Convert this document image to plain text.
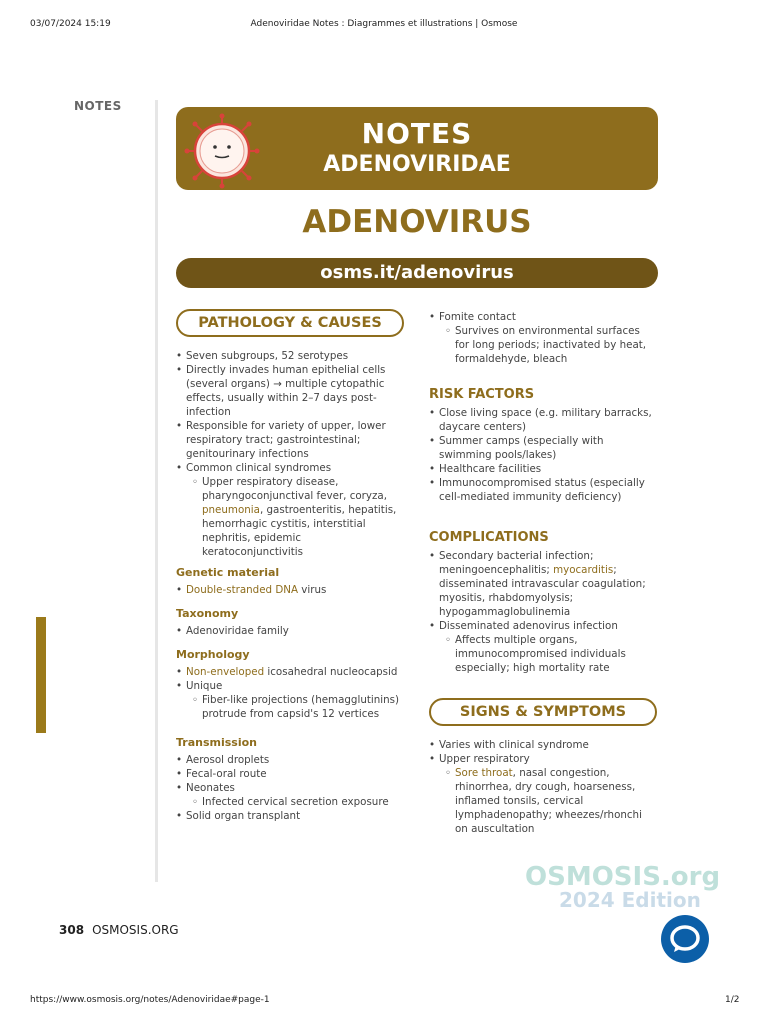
03/07/2024 15:19	Adenoviridae Notes : Diagrammes et illustrations | Osmose
NOTES
NOTES
ADENOVIRIDAE
ADENOVIRUS
osms.it/adenovirus
PATHOLOGY & CAUSES
• Seven subgroups, 52 serotypes
• Directly invades human epithelial cells (several organs) → multiple cytopathic effects, usually within 2–7 days post-infection
• Responsible for variety of upper, lower respiratory tract; gastrointestinal; genitourinary infections
• Common clinical syndromes
◦ Upper respiratory disease, pharyngoconjunctival fever, coryza, pneumonia, gastroenteritis, hepatitis, hemorrhagic cystitis, interstitial nephritis, epidemic keratoconjunctivitis
Genetic material
• Double-stranded DNA virus
Taxonomy
• Adenoviridae family
Morphology
• Non-enveloped icosahedral nucleocapsid
• Unique
◦ Fiber-like projections (hemagglutinins) protrude from capsid's 12 vertices
Transmission
• Aerosol droplets
• Fecal-oral route
• Neonates
◦ Infected cervical secretion exposure
• Solid organ transplant
• Fomite contact
◦ Survives on environmental surfaces for long periods; inactivated by heat, formaldehyde, bleach
RISK FACTORS
• Close living space (e.g. military barracks, daycare centers)
• Summer camps (especially with swimming pools/lakes)
• Healthcare facilities
• Immunocompromised status (especially cell-mediated immunity deficiency)
COMPLICATIONS
• Secondary bacterial infection; meningoencephalitis; myocarditis; disseminated intravascular coagulation; myositis, rhabdomyolysis; hypogammaglobulinemia
• Disseminated adenovirus infection
◦ Affects multiple organs, immunocompromised individuals especially; high mortality rate
SIGNS & SYMPTOMS
• Varies with clinical syndrome
• Upper respiratory
◦ Sore throat, nasal congestion, rhinorrhea, dry cough, hoarseness, inflamed tonsils, cervical lymphadenopathy; wheezes/rhonchi on auscultation
308 OSMOSIS.ORG
OSMOSIS.org
2024 Edition
https://www.osmosis.org/notes/Adenoviridae#page-1	1/2
